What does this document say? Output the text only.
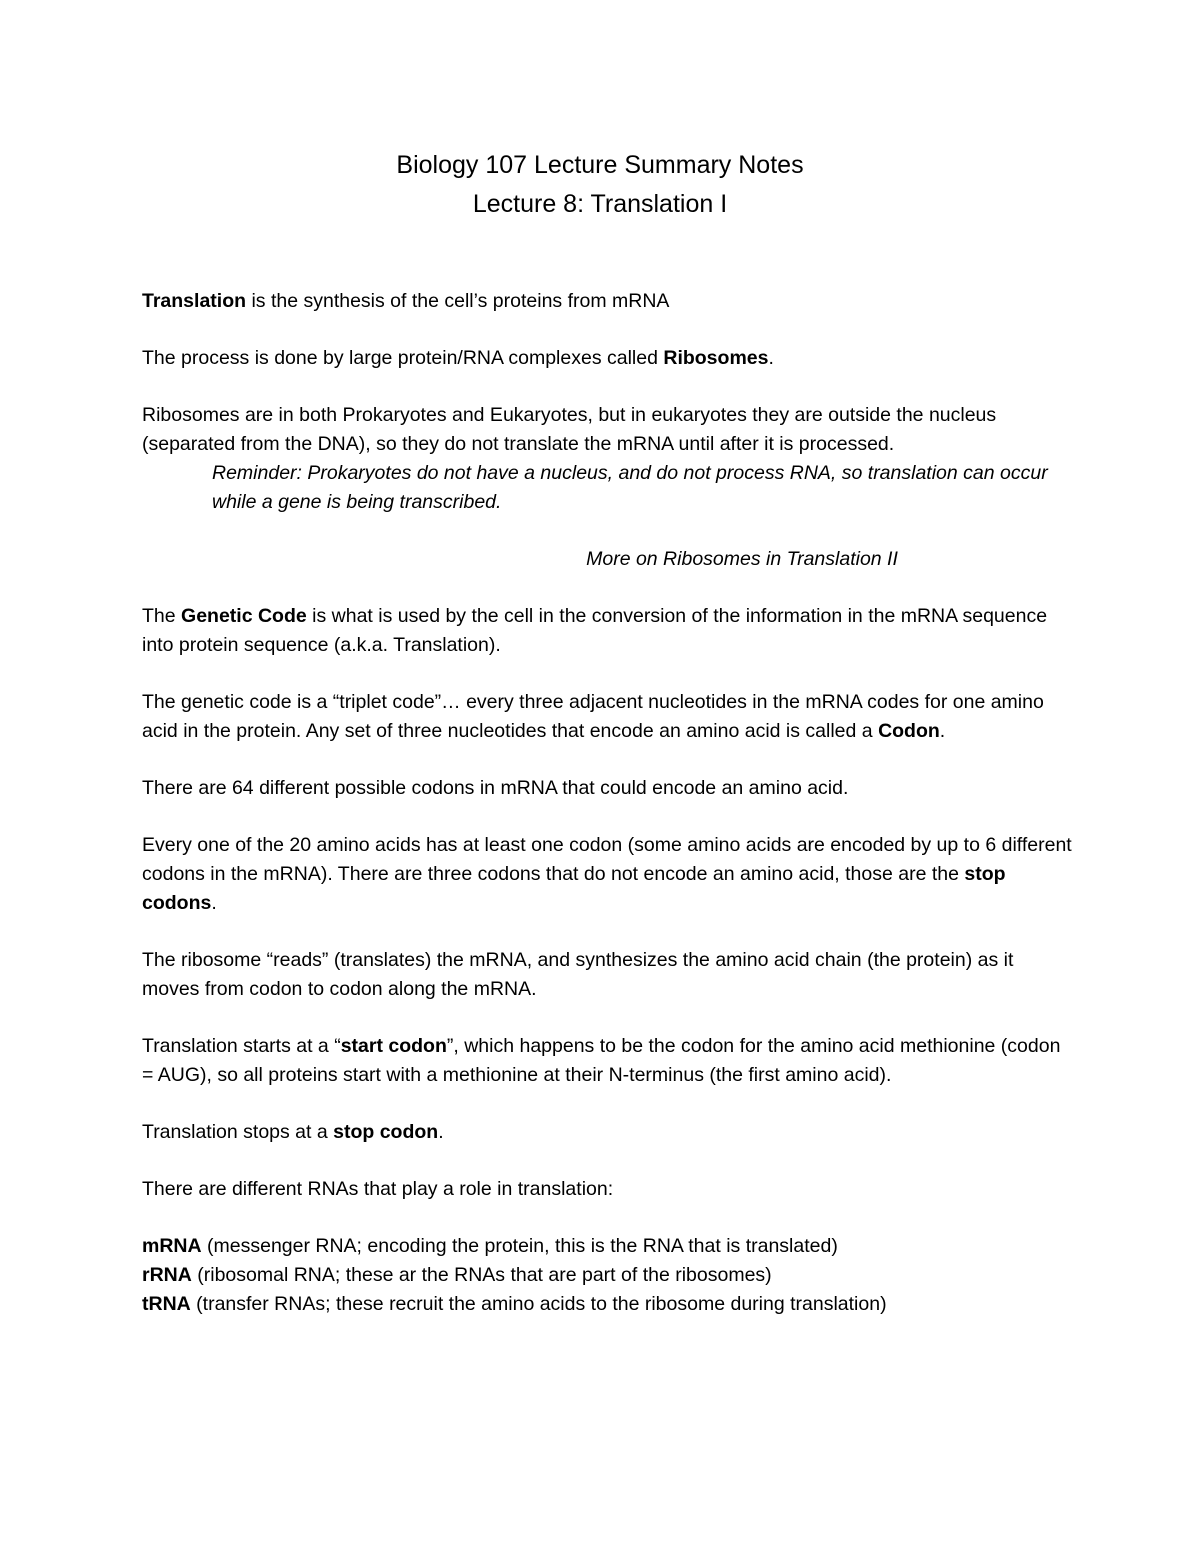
Biology 107 Lecture Summary Notes
Lecture 8: Translation I

Translation is the synthesis of the cell’s proteins from mRNA

The process is done by large protein/RNA complexes called Ribosomes.

Ribosomes are in both Prokaryotes and Eukaryotes, but in eukaryotes they are outside the nucleus (separated from the DNA), so they do not translate the mRNA until after it is processed.

Reminder: Prokaryotes do not have a nucleus, and do not process RNA, so translation can occur while a gene is being transcribed.

More on Ribosomes in Translation II

The Genetic Code is what is used by the cell in the conversion of the information in the mRNA sequence into protein sequence (a.k.a. Translation).

The genetic code is a “triplet code”… every three adjacent nucleotides in the mRNA codes for one amino acid in the protein. Any set of three nucleotides that encode an amino acid is called a Codon.

There are 64 different possible codons in mRNA that could encode an amino acid.

Every one of the 20 amino acids has at least one codon (some amino acids are encoded by up to 6 different codons in the mRNA). There are three codons that do not encode an amino acid, those are the stop codons.

The ribosome “reads” (translates) the mRNA, and synthesizes the amino acid chain (the protein) as it moves from codon to codon along the mRNA.

Translation starts at a “start codon”, which happens to be the codon for the amino acid methionine (codon = AUG), so all proteins start with a methionine at their N-terminus (the first amino acid).

Translation stops at a stop codon.

There are different RNAs that play a role in translation:

mRNA (messenger RNA; encoding the protein, this is the RNA that is translated)

rRNA (ribosomal RNA; these ar the RNAs that are part of the ribosomes)

tRNA (transfer RNAs; these recruit the amino acids to the ribosome during translation)
